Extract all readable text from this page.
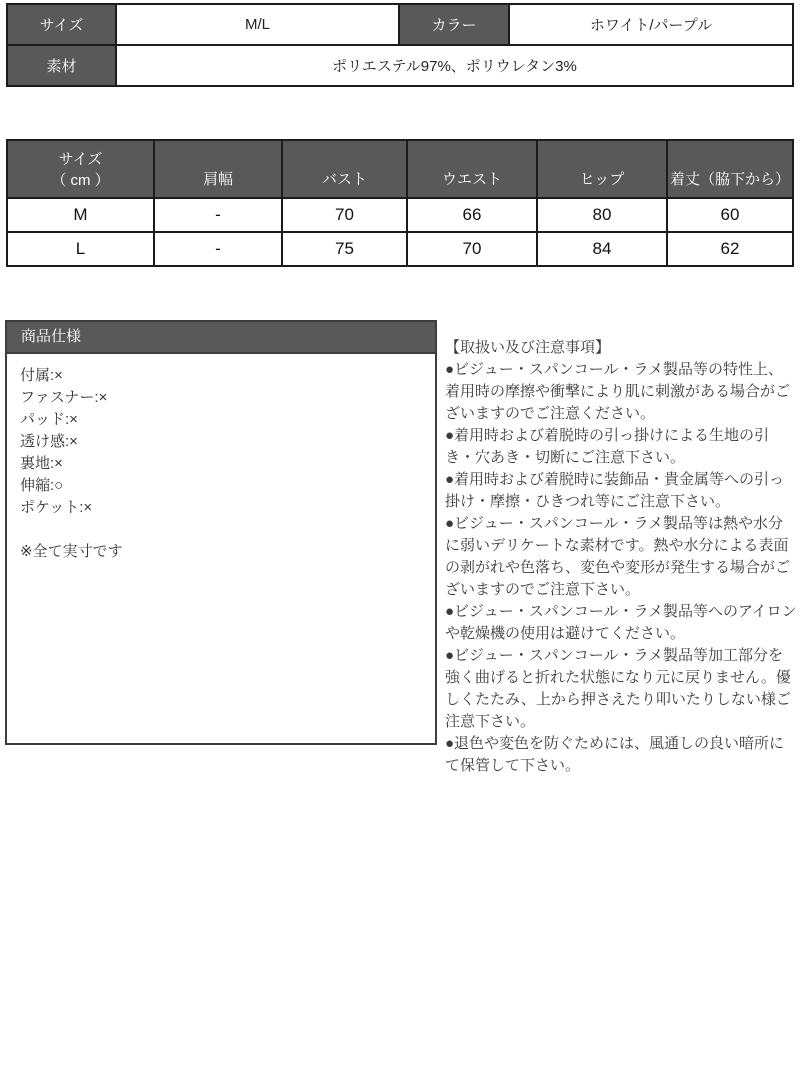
サイズ	M/L	カラー	ホワイト/パープル
素材	ポリエステル97%、ポリウレタン3%		
サイズ
（ cm ）	肩幅	バスト	ウエスト	ヒップ	着丈（脇下から）
M	-	70	66	80	60
L	-	75	70	84	62
商品仕様
付属:×
ファスナー:×
パッド:×
透け感:×
裏地:×
伸縮:○
ポケット:×
※全て実寸です

【取扱い及び注意事項】

●ビジュー・スパンコール・ラメ製品等の特性上、着用時の摩擦や衝撃により肌に刺激がある場合がございますのでご注意ください。

●着用時および着脱時の引っ掛けによる生地の引き・穴あき・切断にご注意下さい。

●着用時および着脱時に装飾品・貴金属等への引っ掛け・摩擦・ひきつれ等にご注意下さい。

●ビジュー・スパンコール・ラメ製品等は熱や水分に弱いデリケートな素材です。熱や水分による表面の剥がれや色落ち、変色や変形が発生する場合がございますのでご注意下さい。

●ビジュー・スパンコール・ラメ製品等へのアイロンや乾燥機の使用は避けてください。

●ビジュー・スパンコール・ラメ製品等加工部分を強く曲げると折れた状態になり元に戻りません。優しくたたみ、上から押さえたり叩いたりしない様ご注意下さい。

●退色や変色を防ぐためには、風通しの良い暗所にて保管して下さい。
